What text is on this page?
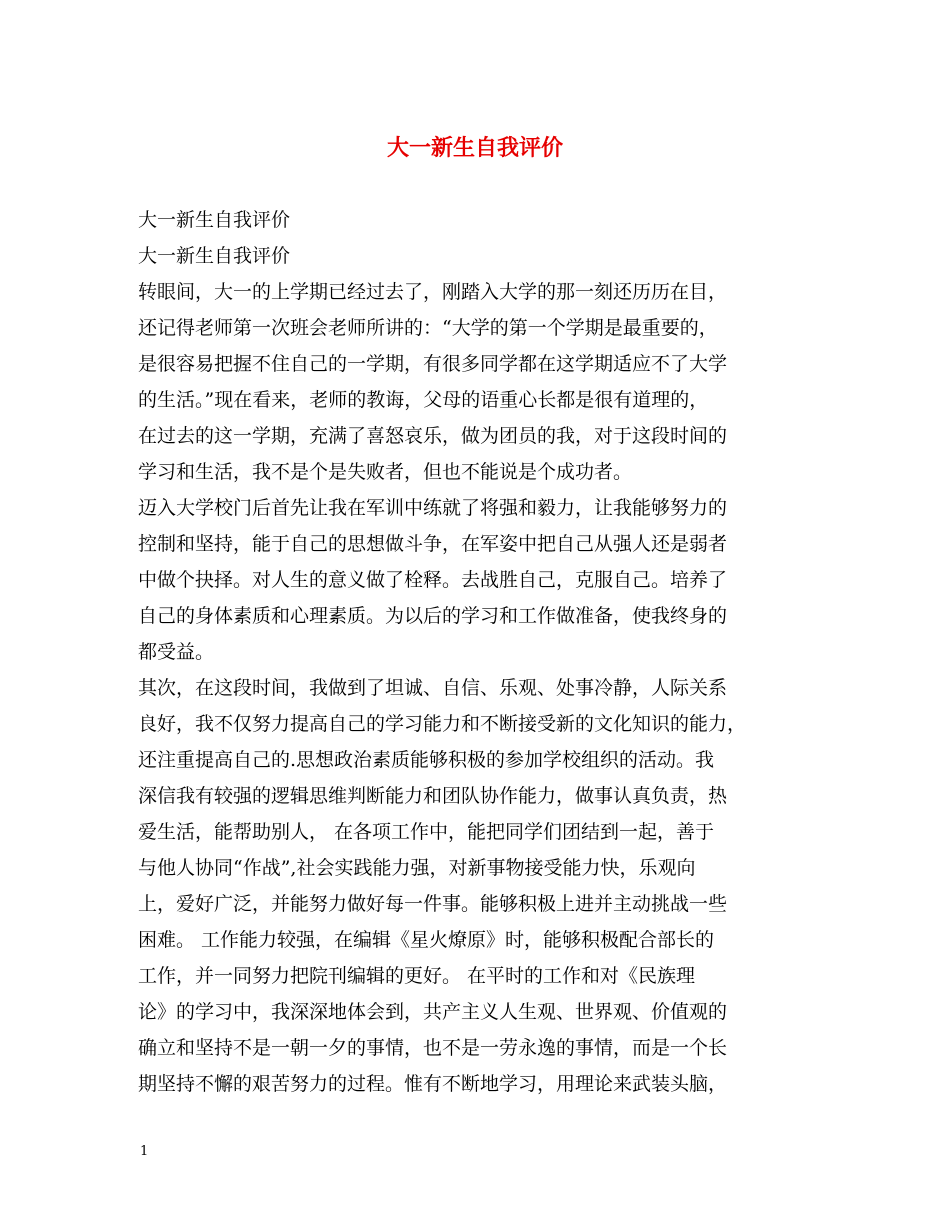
大一新生自我评价

大一新生自我评价

大一新生自我评价

转眼间，大一的上学期已经过去了，刚踏入大学的那一刻还历历在目，

还记得老师第一次班会老师所讲的：“大学的第一个学期是最重要的，

是很容易把握不住自己的一学期，有很多同学都在这学期适应不了大学

的生活。”现在看来，老师的教诲，父母的语重心长都是很有道理的，

在过去的这一学期，充满了喜怒哀乐，做为团员的我，对于这段时间的

学习和生活，我不是个是失败者，但也不能说是个成功者。

迈入大学校门后首先让我在军训中练就了将强和毅力，让我能够努力的

控制和坚持，能于自己的思想做斗争，在军姿中把自己从强人还是弱者

中做个抉择。对人生的意义做了栓释。去战胜自己，克服自己。培养了

自己的身体素质和心理素质。为以后的学习和工作做准备，使我终身的

都受益。

其次，在这段时间，我做到了坦诚、自信、乐观、处事冷静，人际关系

良好，我不仅努力提高自己的学习能力和不断接受新的文化知识的能力，

还注重提高自己的.思想政治素质能够积极的参加学校组织的活动。我

深信我有较强的逻辑思维判断能力和团队协作能力，做事认真负责，热

爱生活，能帮助别人， 在各项工作中，能把同学们团结到一起，善于

与他人协同“作战”,社会实践能力强，对新事物接受能力快，乐观向

上，爱好广泛，并能努力做好每一件事。能够积极上进并主动挑战一些

困难。 工作能力较强，在编辑《星火燎原》时，能够积极配合部长的

工作，并一同努力把院刊编辑的更好。 在平时的工作和对《民族理

论》的学习中，我深深地体会到，共产主义人生观、世界观、价值观的

确立和坚持不是一朝一夕的事情，也不是一劳永逸的事情，而是一个长

期坚持不懈的艰苦努力的过程。惟有不断地学习，用理论来武装头脑，

1
